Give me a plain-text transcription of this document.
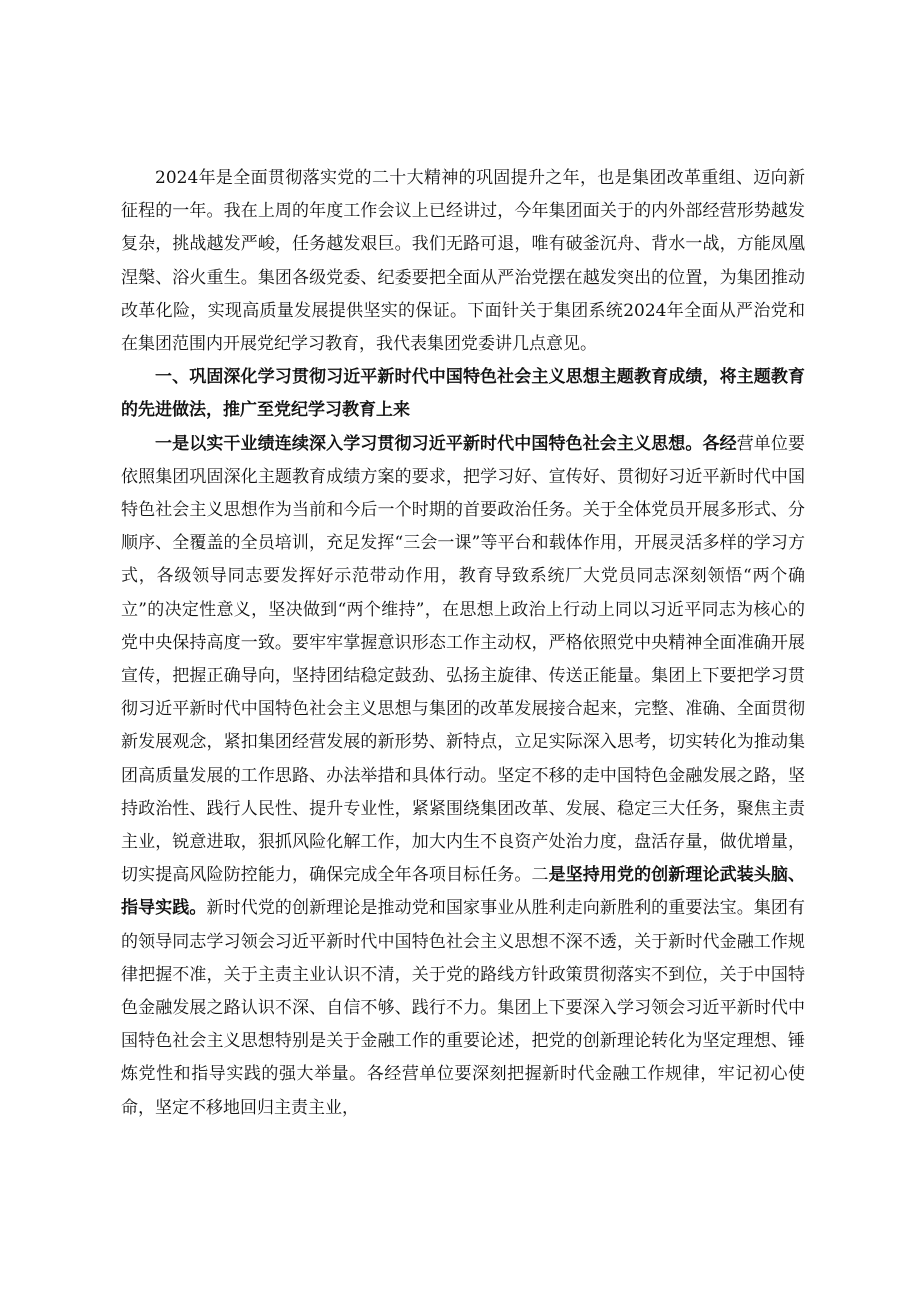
2024年是全面贯彻落实党的二十大精神的巩固提升之年，也是集团改革重组、迈向新征程的一年。我在上周的年度工作会议上已经讲过，今年集团面关于的内外部经营形势越发复杂，挑战越发严峻，任务越发艰巨。我们无路可退，唯有破釜沉舟、背水一战，方能凤凰涅槃、浴火重生。集团各级党委、纪委要把全面从严治党摆在越发突出的位置，为集团推动改革化险，实现高质量发展提供坚实的保证。下面针关于集团系统2024年全面从严治党和在集团范围内开展党纪学习教育，我代表集团党委讲几点意见。

一、巩固深化学习贯彻习近平新时代中国特色社会主义思想主题教育成绩，将主题教育的先进做法，推广至党纪学习教育上来

一是以实干业绩连续深入学习贯彻习近平新时代中国特色社会主义思想。各经营单位要依照集团巩固深化主题教育成绩方案的要求，把学习好、宣传好、贯彻好习近平新时代中国特色社会主义思想作为当前和今后一个时期的首要政治任务。关于全体党员开展多形式、分顺序、全覆盖的全员培训，充足发挥“三会一课”等平台和载体作用，开展灵活多样的学习方式，各级领导同志要发挥好示范带动作用，教育导致系统厂大党员同志深刻领悟“两个确立”的决定性意义，坚决做到“两个维持”，在思想上政治上行动上同以习近平同志为核心的党中央保持高度一致。要牢牢掌握意识形态工作主动权，严格依照党中央精神全面准确开展宣传，把握正确导向，坚持团结稳定鼓劲、弘扬主旋律、传送正能量。集团上下要把学习贯彻习近平新时代中国特色社会主义思想与集团的改革发展接合起来，完整、准确、全面贯彻新发展观念，紧扣集团经营发展的新形势、新特点，立足实际深入思考，切实转化为推动集团高质量发展的工作思路、办法举措和具体行动。坚定不移的走中国特色金融发展之路，坚持政治性、践行人民性、提升专业性，紧紧围绕集团改革、发展、稳定三大任务，聚焦主责主业，锐意进取，狠抓风险化解工作，加大内生不良资产处治力度，盘活存量，做优增量，切实提高风险防控能力，确保完成全年各项目标任务。二是坚持用党的创新理论武装头脑、指导实践。新时代党的创新理论是推动党和国家事业从胜利走向新胜利的重要法宝。集团有的领导同志学习领会习近平新时代中国特色社会主义思想不深不透，关于新时代金融工作规律把握不准，关于主责主业认识不清，关于党的路线方针政策贯彻落实不到位，关于中国特色金融发展之路认识不深、自信不够、践行不力。集团上下要深入学习领会习近平新时代中国特色社会主义思想特别是关于金融工作的重要论述，把党的创新理论转化为坚定理想、锤炼党性和指导实践的强大举量。各经营单位要深刻把握新时代金融工作规律，牢记初心使命，坚定不移地回归主责主业，
